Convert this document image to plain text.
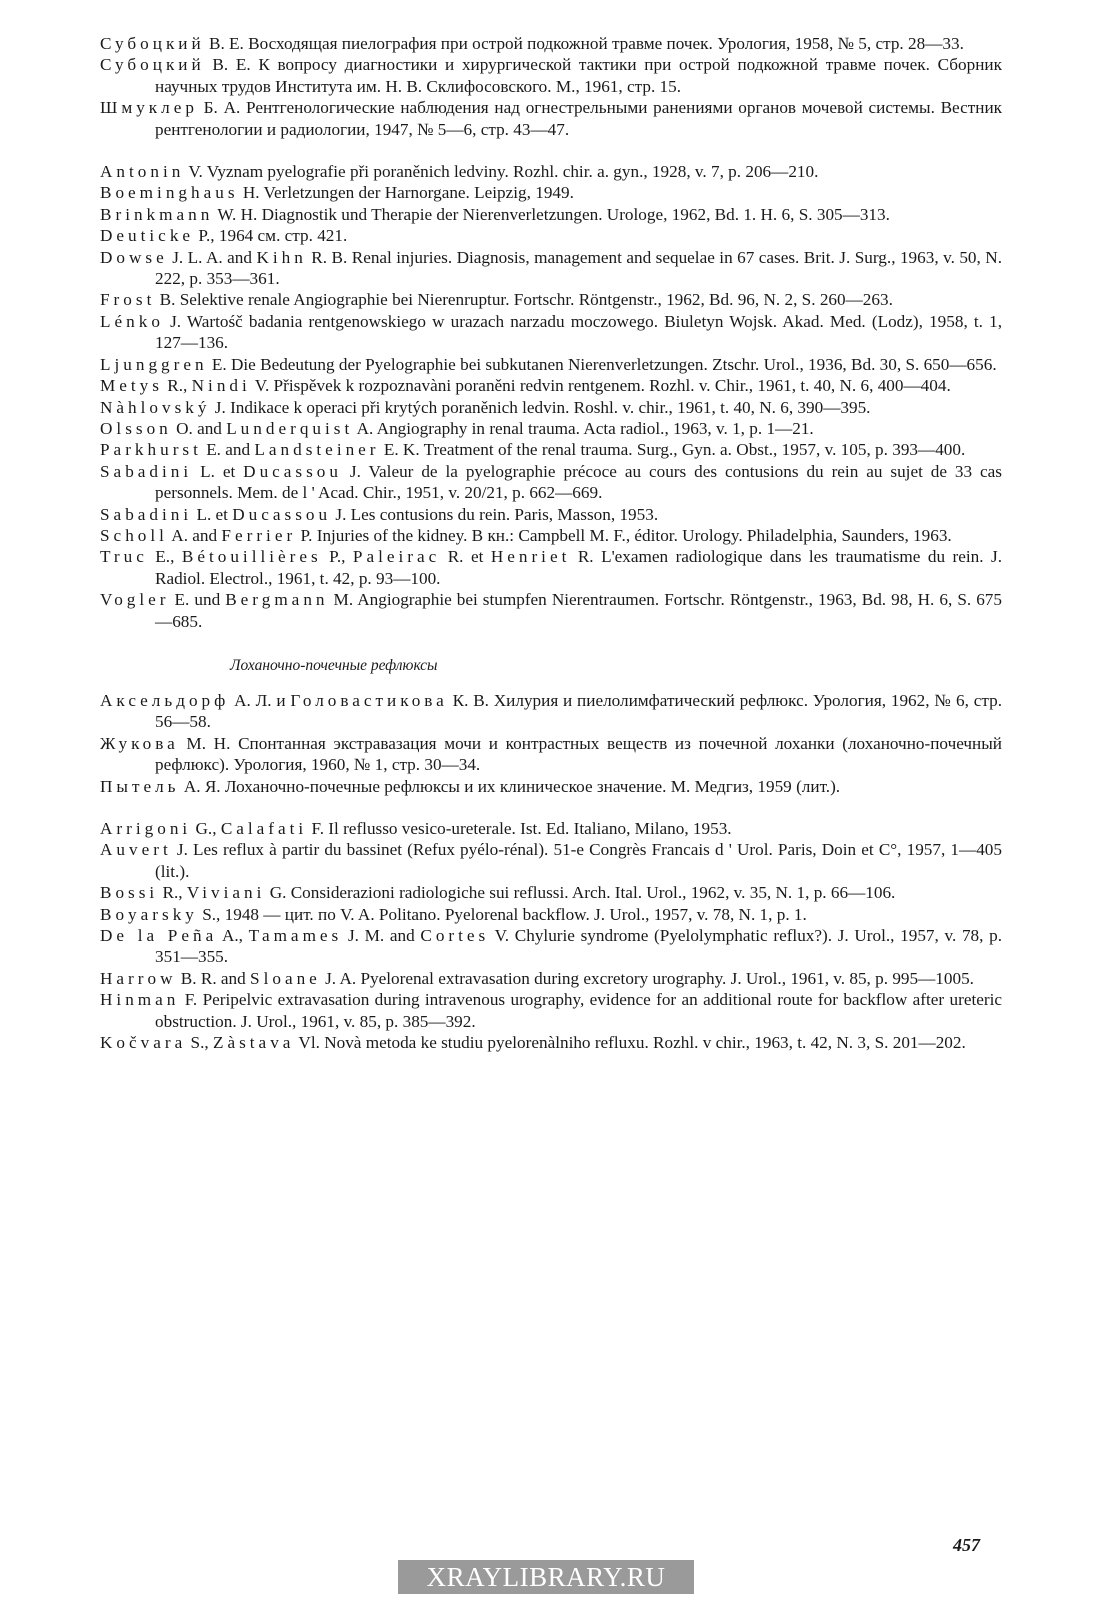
Субоцкий В. Е. Восходящая пиелография при острой подкожной травме почек. Урология, 1958, № 5, стр. 28—33.

Субоцкий В. Е. К вопросу диагностики и хирургической тактики при острой подкожной травме почек. Сборник научных трудов Института им. Н. В. Склифосовского. М., 1961, стр. 15.

Шмуклер Б. А. Рентгенологические наблюдения над огнестрельными ранениями органов мочевой системы. Вестник рентгенологии и радиологии, 1947, № 5—6, стр. 43—47.

Antonin V. Vyznam pyelografie při poraněnich ledviny. Rozhl. chir. a. gyn., 1928, v. 7, p. 206—210.

Boeminghaus H. Verletzungen der Harnorgane. Leipzig, 1949.

Brinkmann W. H. Diagnostik und Therapie der Nierenverletzungen. Urologe, 1962, Bd. 1. H. 6, S. 305—313.

Deuticke P., 1964 см. стр. 421.

Dowse J. L. A. and Kihn R. B. Renal injuries. Diagnosis, management and sequelae in 67 cases. Brit. J. Surg., 1963, v. 50, N. 222, p. 353—361.

Frost B. Selektive renale Angiographie bei Nierenruptur. Fortschr. Röntgenstr., 1962, Bd. 96, N. 2, S. 260—263.

Lénko J. Wartośč badania rentgenowskiego w urazach narzadu moczowego. Biuletyn Wojsk. Akad. Med. (Lodz), 1958, t. 1, 127—136.

Ljunggren E. Die Bedeutung der Pyelographie bei subkutanen Nierenverletzungen. Ztschr. Urol., 1936, Bd. 30, S. 650—656.

Metys R., Nindi V. Přispěvek k rozpoznavàni poraněni redvin rentgenem. Rozhl. v. Chir., 1961, t. 40, N. 6, 400—404.

Nàhlovský J. Indikace k operaci při krytých poraněnich ledvin. Roshl. v. chir., 1961, t. 40, N. 6, 390—395.

Olsson O. and Lunderquist A. Angiography in renal trauma. Acta radiol., 1963, v. 1, p. 1—21.

Parkhurst E. and Landsteiner E. K. Treatment of the renal trauma. Surg., Gyn. a. Obst., 1957, v. 105, p. 393—400.

Sabadini L. et Ducassou J. Valeur de la pyelographie précoce au cours des contusions du rein au sujet de 33 cas personnels. Mem. de l ' Acad. Chir., 1951, v. 20/21, p. 662—669.

Sabadini L. et Ducassou J. Les contusions du rein. Paris, Masson, 1953.

Scholl A. and Ferrier P. Injuries of the kidney. В кн.: Campbell M. F., éditor. Urology. Philadelphia, Saunders, 1963.

Truc E., Bétouillières P., Paleirac R. et Henriet R. L'examen radiologique dans les traumatisme du rein. J. Radiol. Electrol., 1961, t. 42, p. 93—100.

Vogler E. und Bergmann M. Angiographie bei stumpfen Nierentraumen. Fortschr. Röntgenstr., 1963, Bd. 98, H. 6, S. 675—685.

Лоханочно-почечные рефлюксы

Аксельдорф А. Л. и Головастикова К. В. Хилурия и пиелолимфатический рефлюкс. Урология, 1962, № 6, стр. 56—58.

Жукова М. Н. Спонтанная экстравазация мочи и контрастных веществ из почечной лоханки (лоханочно-почечный рефлюкс). Урология, 1960, № 1, стр. 30—34.

Пытель А. Я. Лоханочно-почечные рефлюксы и их клиническое значение. М. Медгиз, 1959 (лит.).

Arrigoni G., Calafati F. Il reflusso vesico-ureterale. Ist. Ed. Italiano, Milano, 1953.

Auvert J. Les reflux à partir du bassinet (Refux pyélo-rénal). 51-e Congrès Francais d ' Urol. Paris, Doin et C°, 1957, 1—405 (lit.).

Bossi R., Viviani G. Considerazioni radiologiche sui reflussi. Arch. Ital. Urol., 1962, v. 35, N. 1, p. 66—106.

Boyarsky S., 1948 — цит. по V. A. Politano. Pyelorenal backflow. J. Urol., 1957, v. 78, N. 1, p. 1.

De la Peña A., Tamames J. M. and Cortes V. Chylurie syndrome (Pyelolymphatic reflux?). J. Urol., 1957, v. 78, p. 351—355.

Harrow B. R. and Sloane J. A. Pyelorenal extravasation during excretory urography. J. Urol., 1961, v. 85, p. 995—1005.

Hinman F. Peripelvic extravasation during intravenous urography, evidence for an additional route for backflow after ureteric obstruction. J. Urol., 1961, v. 85, p. 385—392.

Kočvara S., Zàstava Vl. Novà metoda ke studiu pyelorenàlniho refluxu. Rozhl. v chir., 1963, t. 42, N. 3, S. 201—202.

457
XRAYLIBRARY.RU
